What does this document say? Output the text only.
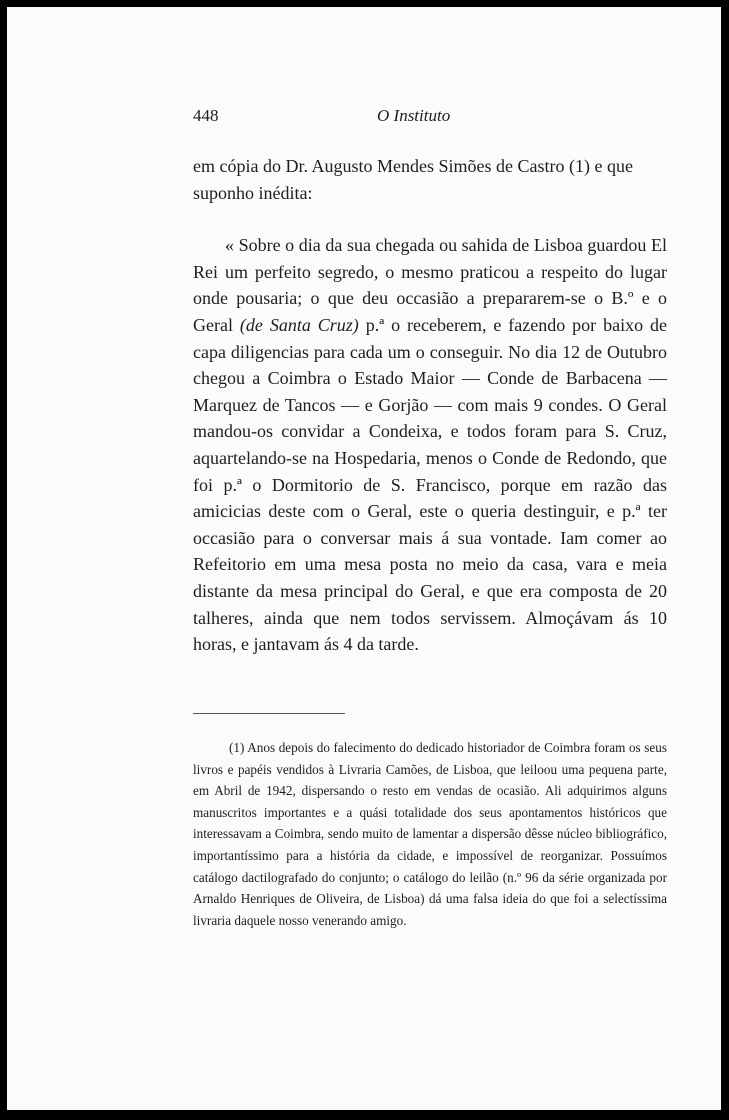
448	O Instituto

em cópia do Dr. Augusto Mendes Simões de Castro (1) e que suponho inédita:

« Sobre o dia da sua chegada ou sahida de Lisboa guardou El Rei um perfeito segredo, o mesmo praticou a respeito do lugar onde pousaria; o que deu occasião a prepararem-se o B.º e o Geral (de Santa Cruz) p.ª o receberem, e fazendo por baixo de capa diligencias para cada um o conseguir. No dia 12 de Outubro chegou a Coimbra o Estado Maior — Conde de Barbacena — Marquez de Tancos — e Gorjão — com mais 9 condes. O Geral mandou-os convidar a Condeixa, e todos foram para S. Cruz, aquartelando-se na Hospedaria, menos o Conde de Redondo, que foi p.ª o Dormitorio de S. Francisco, porque em razão das amicicias deste com o Geral, este o queria destinguir, e p.ª ter occasião para o conversar mais á sua vontade. Iam comer ao Refeitorio em uma mesa posta no meio da casa, vara e meia distante da mesa principal do Geral, e que era composta de 20 talheres, ainda que nem todos servissem. Almoçávam ás 10 horas, e jantavam ás 4 da tarde.

(1) Anos depois do falecimento do dedicado historiador de Coimbra foram os seus livros e papéis vendidos à Livraria Camões, de Lisboa, que leiloou uma pequena parte, em Abril de 1942, dispersando o resto em vendas de ocasião. Ali adquirimos alguns manuscritos importantes e a quási totalidade dos seus apontamentos históricos que interessavam a Coimbra, sendo muito de lamentar a dispersão dêsse núcleo bibliográfico, importantíssimo para a história da cidade, e impossível de reorganizar. Possuímos catálogo dactilografado do conjunto; o catálogo do leilão (n.º 96 da série organizada por Arnaldo Henriques de Oliveira, de Lisboa) dá uma falsa ideia do que foi a selectíssima livraria daquele nosso venerando amigo.
